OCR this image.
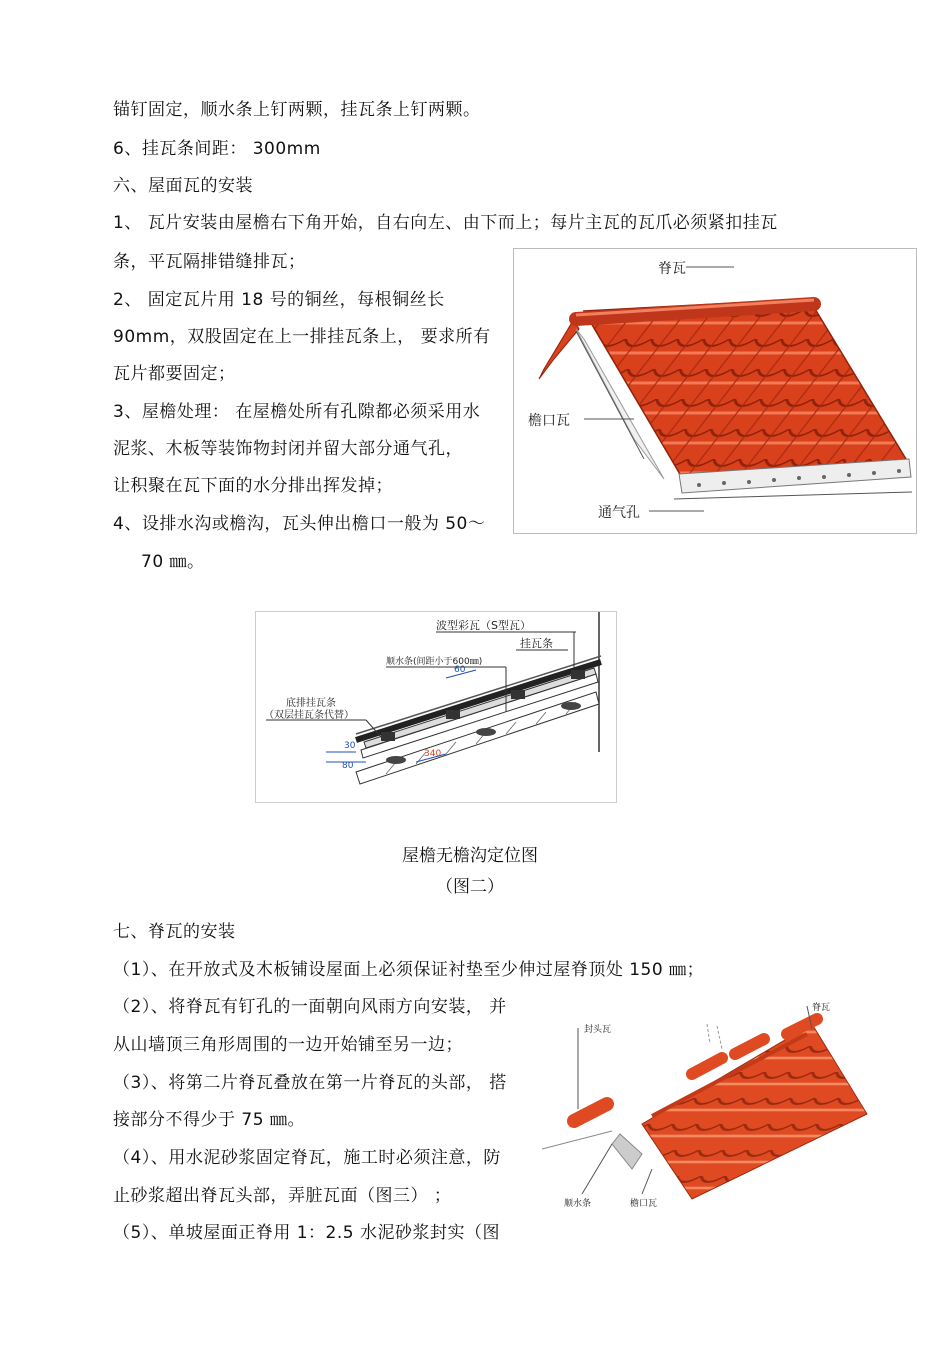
锚钉固定，顺水条上钉两颗，挂瓦条上钉两颗。
6、挂瓦条间距： 300mm
六、屋面瓦的安装
1、 瓦片安装由屋檐右下角开始，自右向左、由下而上；每片主瓦的瓦爪必须紧扣挂瓦
条，平瓦隔排错缝排瓦；
2、 固定瓦片用 18 号的铜丝，每根铜丝长
90mm，双股固定在上一排挂瓦条上， 要求所有
瓦片都要固定；
3、屋檐处理： 在屋檐处所有孔隙都必须采用水
泥浆、木板等装饰物封闭并留大部分通气孔，
让积聚在瓦下面的水分排出挥发掉；
4、设排水沟或檐沟，瓦头伸出檐口一般为 50～
70 ㎜。
脊瓦
檐口瓦
通气孔
波型彩瓦（S型瓦）
挂瓦条
顺水条(间距小于600㎜)
底排挂瓦条
（双层挂瓦条代替）
30
80
340
60
屋檐无檐沟定位图
（图二）
七、脊瓦的安装
（1）、在开放式及木板铺设屋面上必须保证衬垫至少伸过屋脊顶处 150 ㎜；
（2）、将脊瓦有钉孔的一面朝向风雨方向安装， 并
从山墙顶三角形周围的一边开始铺至另一边；
（3）、将第二片脊瓦叠放在第一片脊瓦的头部， 搭
接部分不得少于 75 ㎜。
（4）、用水泥砂浆固定脊瓦，施工时必须注意，防
止砂浆超出脊瓦头部，弄脏瓦面（图三） ；
（5）、单坡屋面正脊用 1：2.5 水泥砂浆封实（图
脊瓦
封头瓦
顺水条	檐口瓦
